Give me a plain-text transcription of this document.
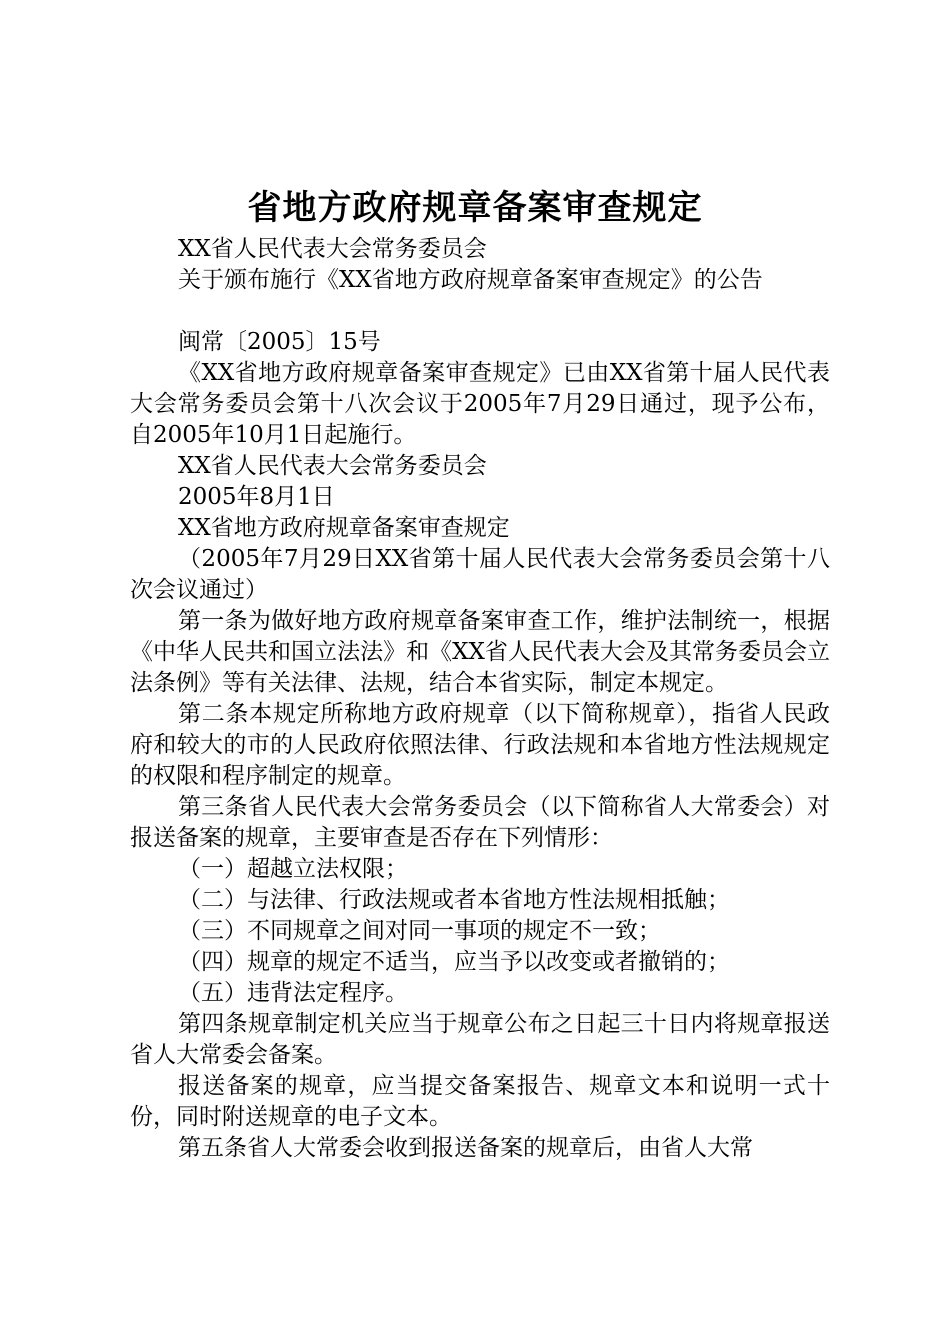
省地方政府规章备案审查规定

XX省人民代表大会常务委员会

关于颁布施行《XX省地方政府规章备案审查规定》的公告

闽常〔2005〕15号

《XX省地方政府规章备案审查规定》已由XX省第十届人民代表大会常务委员会第十八次会议于2005年7月29日通过，现予公布，自2005年10月1日起施行。

XX省人民代表大会常务委员会

2005年8月1日

XX省地方政府规章备案审查规定

（2005年7月29日XX省第十届人民代表大会常务委员会第十八次会议通过）

第一条为做好地方政府规章备案审查工作，维护法制统一，根据《中华人民共和国立法法》和《XX省人民代表大会及其常务委员会立法条例》等有关法律、法规，结合本省实际，制定本规定。

第二条本规定所称地方政府规章（以下简称规章），指省人民政府和较大的市的人民政府依照法律、行政法规和本省地方性法规规定的权限和程序制定的规章。

第三条省人民代表大会常务委员会（以下简称省人大常委会）对报送备案的规章，主要审查是否存在下列情形：

（一）超越立法权限；

（二）与法律、行政法规或者本省地方性法规相抵触；

（三）不同规章之间对同一事项的规定不一致；

（四）规章的规定不适当，应当予以改变或者撤销的；

（五）违背法定程序。

第四条规章制定机关应当于规章公布之日起三十日内将规章报送省人大常委会备案。

报送备案的规章，应当提交备案报告、规章文本和说明一式十份，同时附送规章的电子文本。

第五条省人大常委会收到报送备案的规章后，由省人大常
